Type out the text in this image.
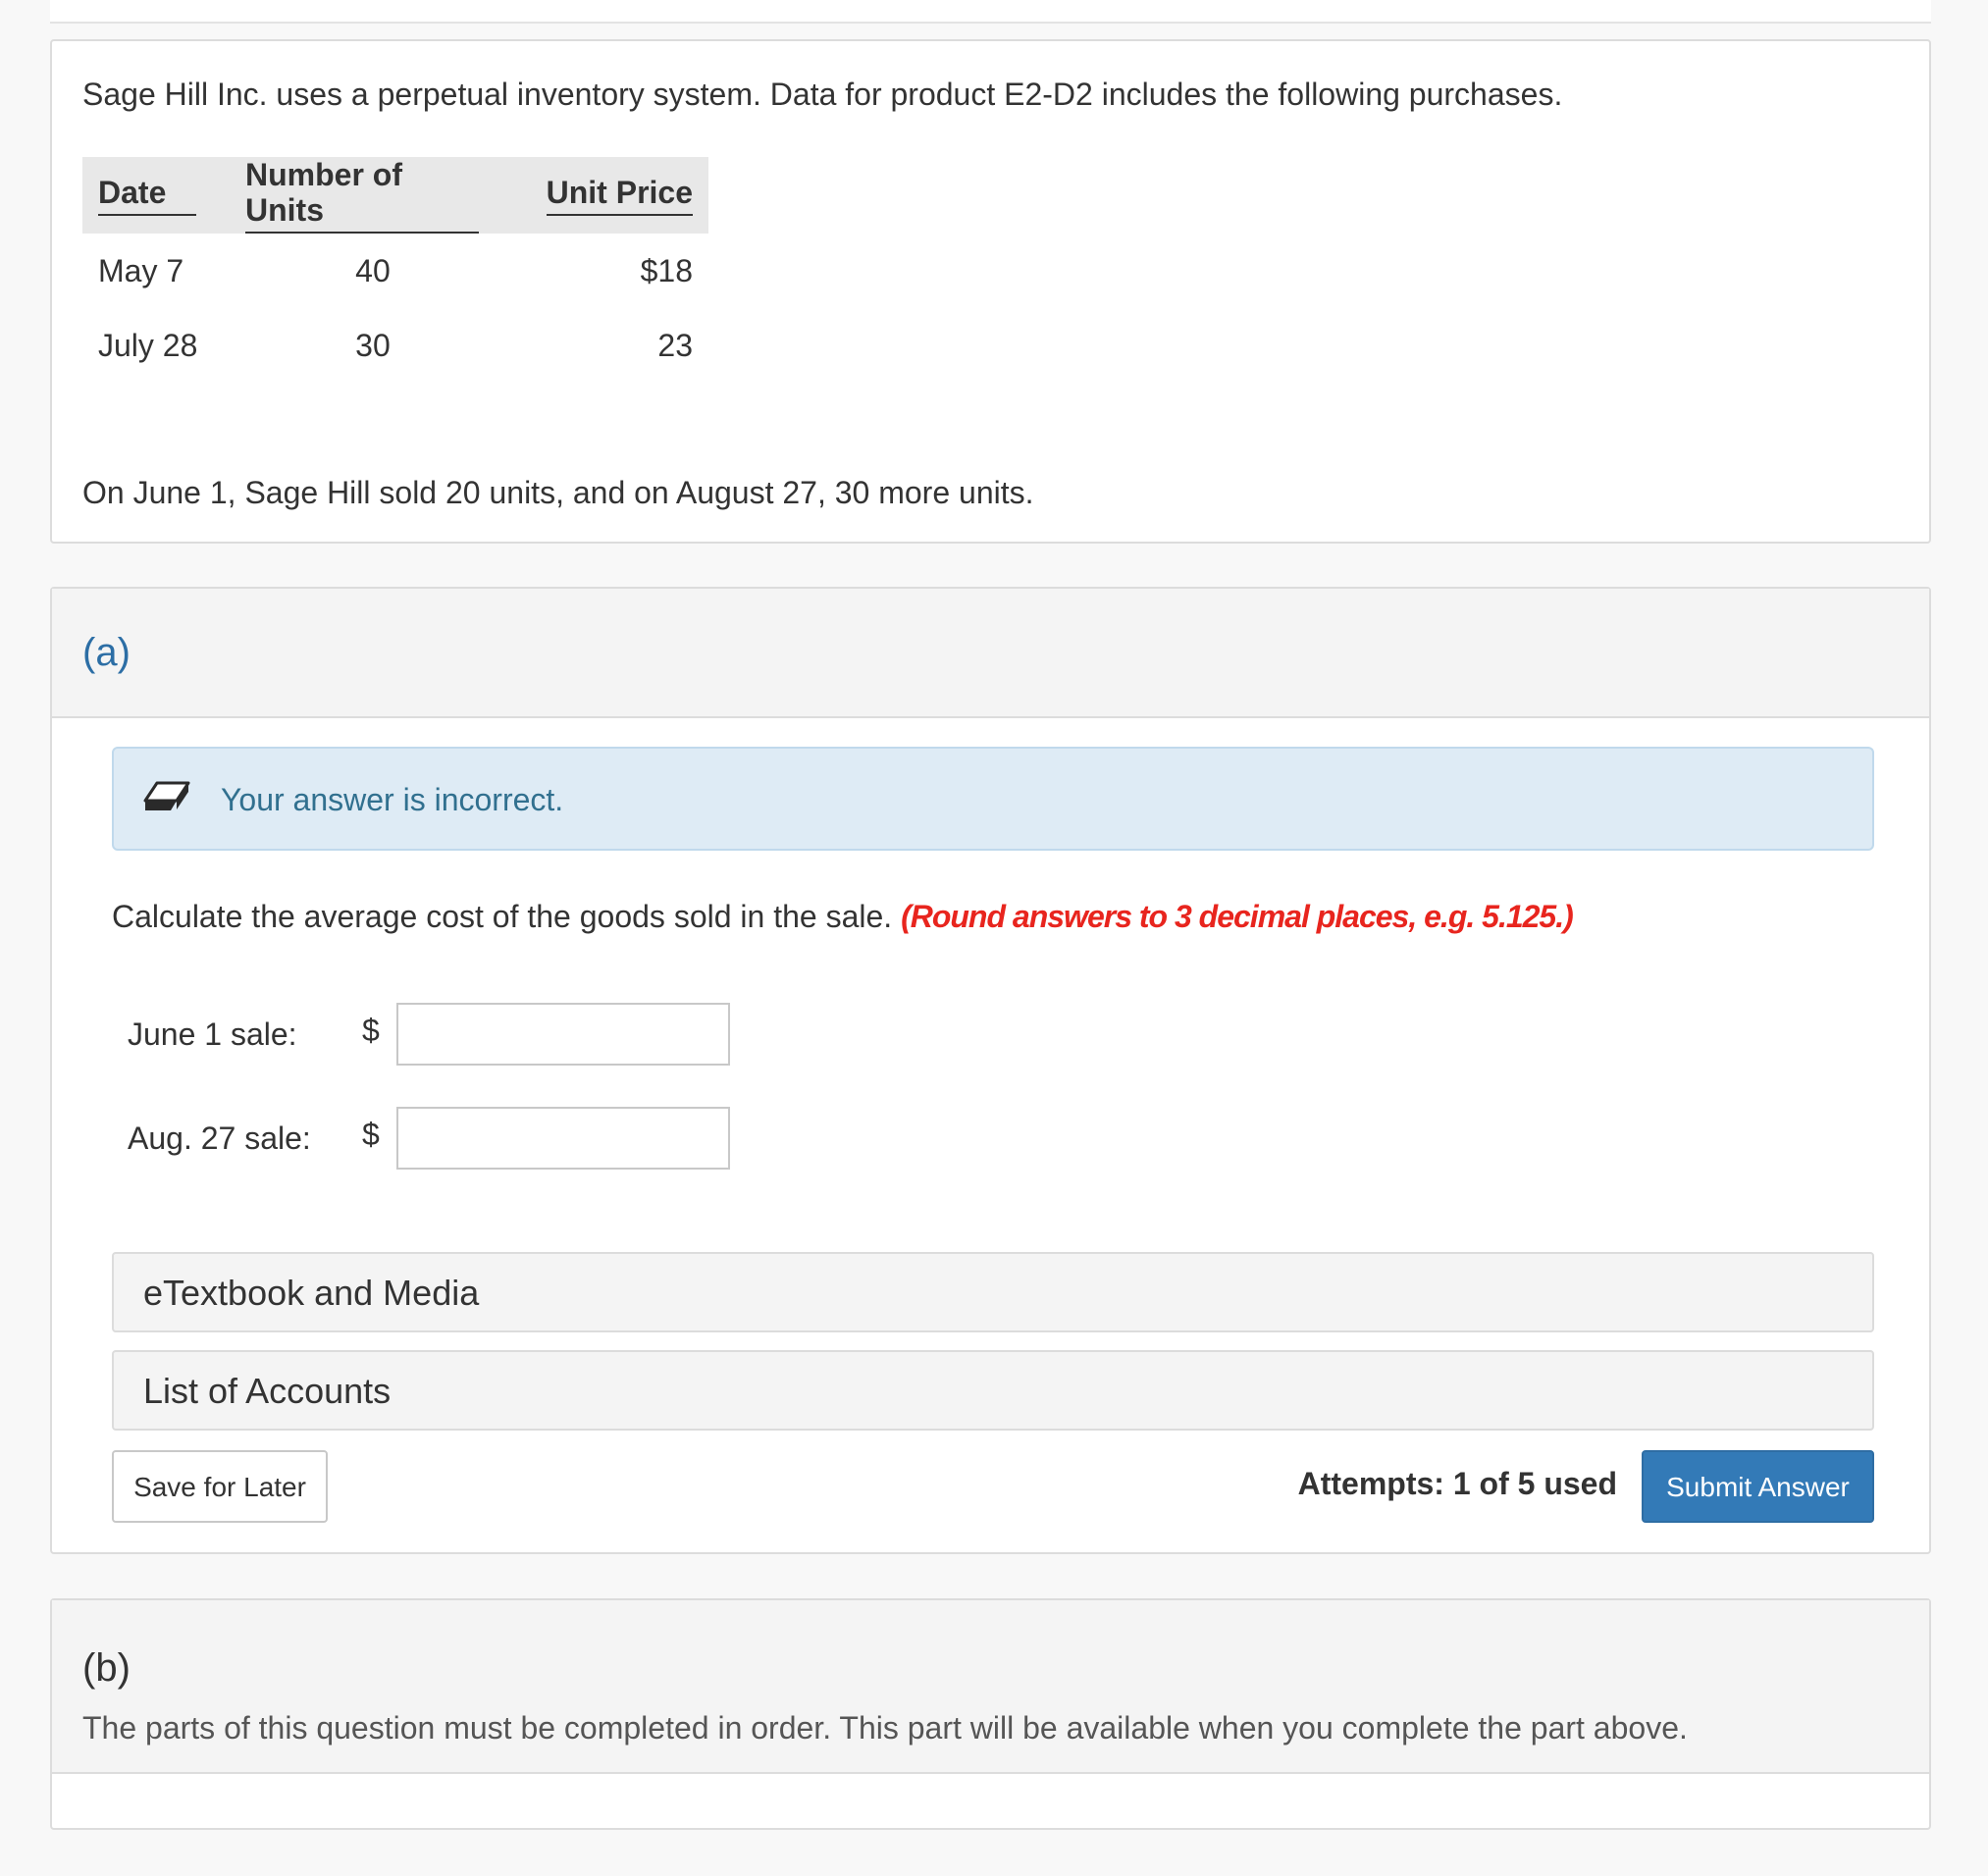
Sage Hill Inc. uses a perpetual inventory system. Data for product E2-D2 includes the following purchases.
Date	Number of Units	Unit Price
May 7	40	$18
July 28	30	23
On June 1, Sage Hill sold 20 units, and on August 27, 30 more units.
(a)
Your answer is incorrect.
Calculate the average cost of the goods sold in the sale. (Round answers to 3 decimal places, e.g. 5.125.)
June 1 sale: $
Aug. 27 sale: $
eTextbook and Media
List of Accounts
Save for Later	Attempts: 1 of 5 used	Submit Answer
(b)
The parts of this question must be completed in order. This part will be available when you complete the part above.
